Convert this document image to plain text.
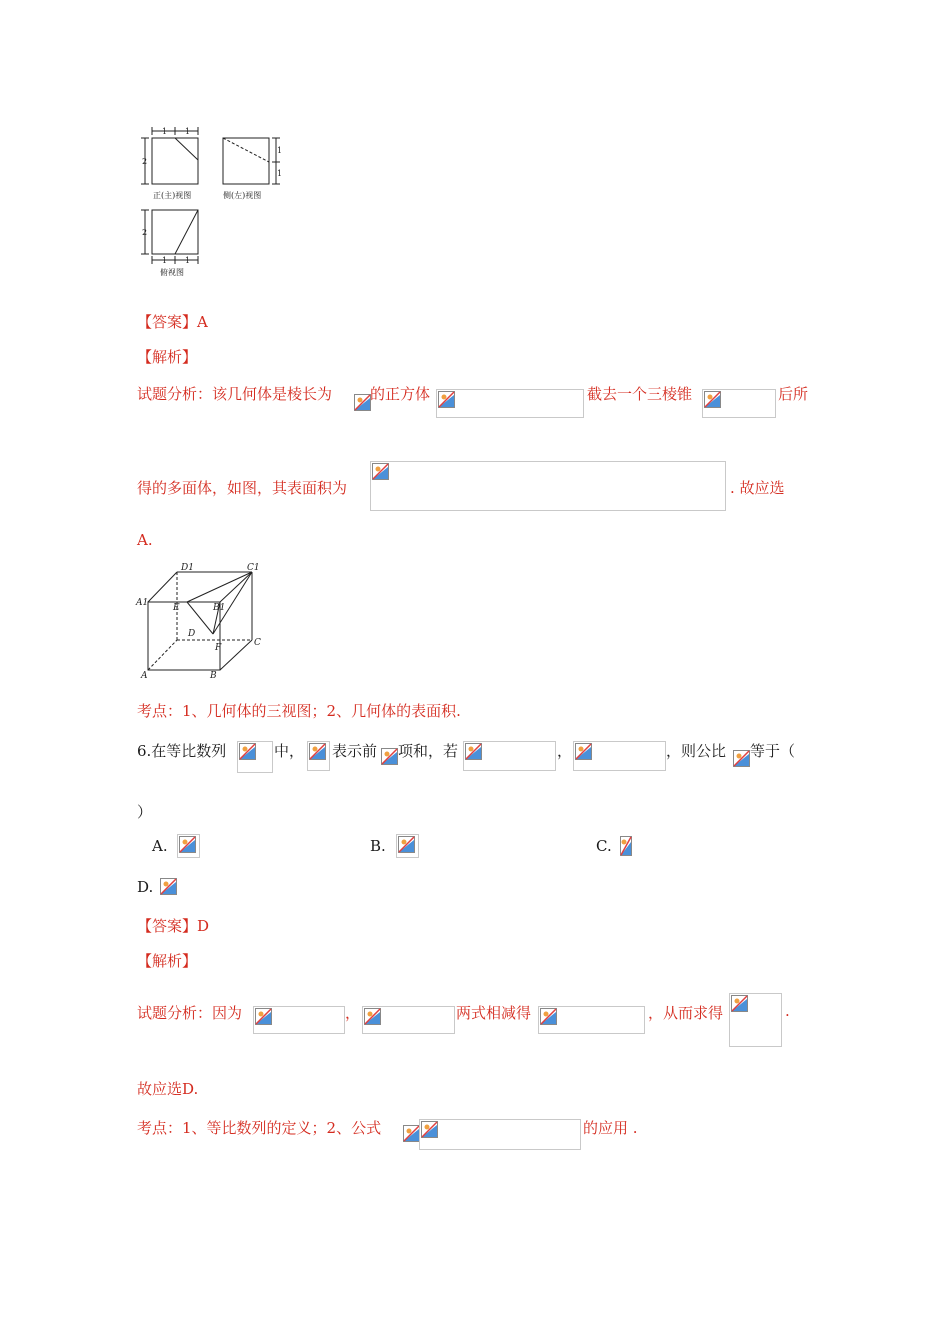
1 1
2
1
1
2
1 1
正(主)视图	侧(左)视图
俯视图
【答案】A
【解析】
试题分析：该几何体是棱长为	的正方体	截去一个三棱锥	后所
得的多面体，如图，其表面积为	. 故应选
A.
D1	C1
A1	E	B1
D
C
F
A	B
考点：1、几何体的三视图；2、几何体的表面积.
6.在等比数列	中， 表示前 项和，若	，	，则公比 等于（
）
A.	B.	C.
D.
【答案】D
【解析】
试题分析：因为	，	两式相减得	，从而求得	.
故应选D.
考点：1、等比数列的定义；2、公式	的应用 .
